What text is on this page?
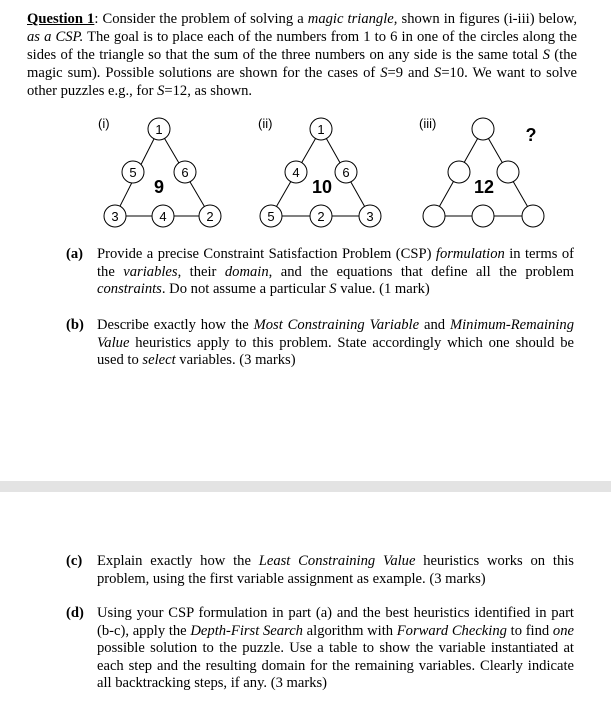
Question 1: Consider the problem of solving a magic triangle, shown in figures (i-iii) below, as a CSP. The goal is to place each of the numbers from 1 to 6 in one of the circles along the sides of the triangle so that the sum of the three numbers on any side is the same total S (the magic sum). Possible solutions are shown for the cases of S=9 and S=10. We want to solve other puzzles e.g., for S=12, as shown.

(i)	1
5	6
3	4	2
9
(ii)	1
4	6
5	2	3
10
(iii)
?
12
(a) Provide a precise Constraint Satisfaction Problem (CSP) formulation in terms of the variables, their domain, and the equations that define all the problem constraints. Do not assume a particular S value. (1 mark)
(b) Describe exactly how the Most Constraining Variable and Minimum-Remaining Value heuristics apply to this problem. State accordingly which one should be used to select variables. (3 marks)
(c) Explain exactly how the Least Constraining Value heuristics works on this problem, using the first variable assignment as example. (3 marks)
(d) Using your CSP formulation in part (a) and the best heuristics identified in part (b-c), apply the Depth-First Search algorithm with Forward Checking to find one possible solution to the puzzle. Use a table to show the variable instantiated at each step and the resulting domain for the remaining variables. Clearly indicate all backtracking steps, if any. (3 marks)
